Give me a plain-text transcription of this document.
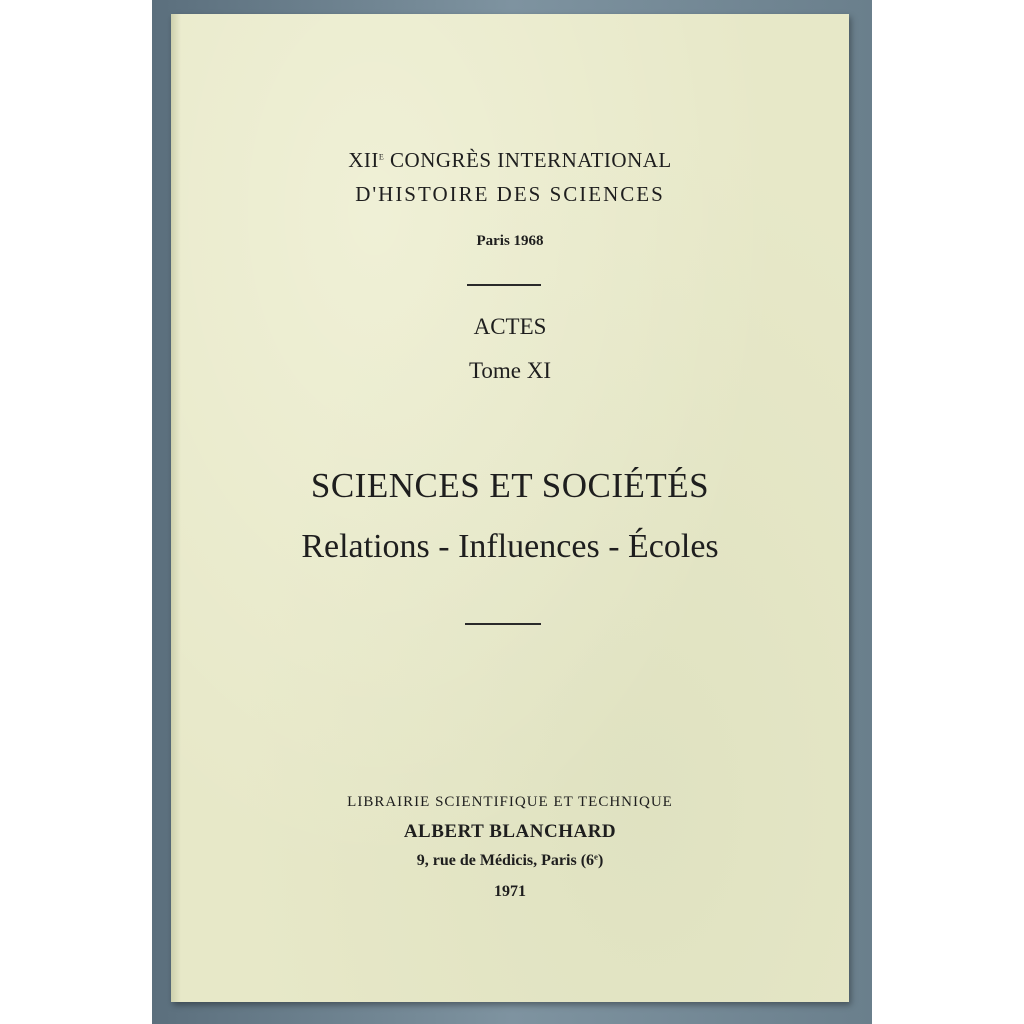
XIIe CONGRÈS INTERNATIONAL
D'HISTOIRE DES SCIENCES
Paris 1968
ACTES
Tome XI
SCIENCES ET SOCIÉTÉS
Relations - Influences - Écoles
LIBRAIRIE SCIENTIFIQUE ET TECHNIQUE
ALBERT BLANCHARD
9, rue de Médicis, Paris (6e)
1971
